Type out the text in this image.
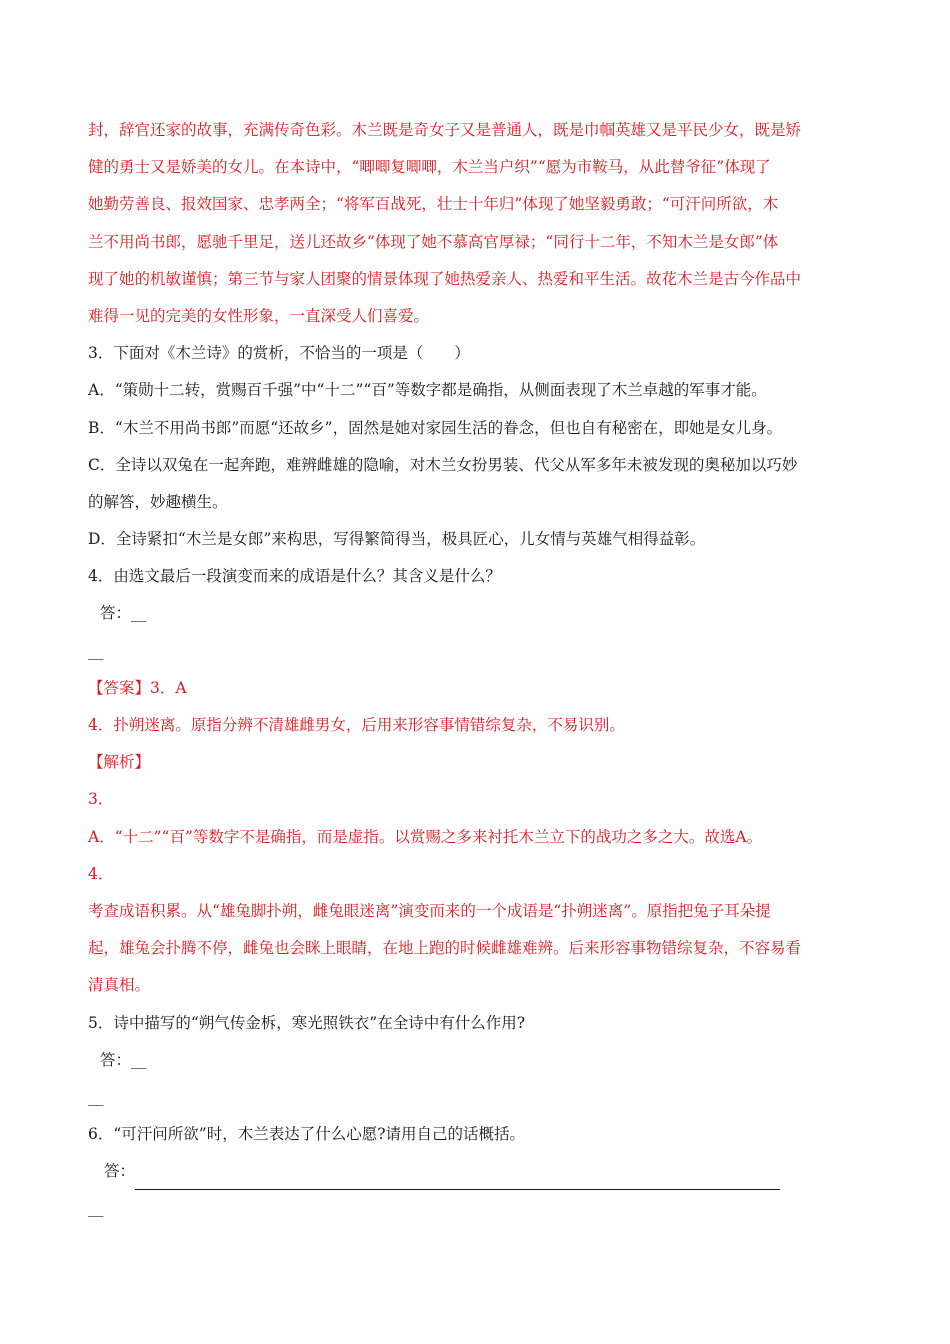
封，辞官还家的故事，充满传奇色彩。木兰既是奇女子又是普通人，既是巾帼英雄又是平民少女，既是矫
健的勇士又是娇美的女儿。在本诗中，“唧唧复唧唧，木兰当户织”“愿为市鞍马，从此替爷征”体现了
她勤劳善良、报效国家、忠孝两全；“将军百战死，壮士十年归”体现了她坚毅勇敢；“可汗问所欲，木
兰不用尚书郎，愿驰千里足，送儿还故乡”体现了她不慕高官厚禄；“同行十二年，不知木兰是女郎”体
现了她的机敏谨慎；第三节与家人团聚的情景体现了她热爱亲人、热爱和平生活。故花木兰是古今作品中
难得一见的完美的女性形象，一直深受人们喜爱。
3．下面对《木兰诗》的赏析，不恰当的一项是（　　）
A．“策勋十二转，赏赐百千强”中“十二”“百”等数字都是确指，从侧面表现了木兰卓越的军事才能。
B．“木兰不用尚书郎”而愿“还故乡”，固然是她对家园生活的眷念，但也自有秘密在，即她是女儿身。
C．全诗以双兔在一起奔跑，难辨雌雄的隐喻，对木兰女扮男装、代父从军多年未被发现的奥秘加以巧妙
的解答，妙趣横生。
D．全诗紧扣“木兰是女郎”来构思，写得繁简得当，极具匠心，儿女情与英雄气相得益彰。
4．由选文最后一段演变而来的成语是什么？其含义是什么？
答：__
__
【答案】3．A
4．扑朔迷离。原指分辨不清雄雌男女，后用来形容事情错综复杂，不易识别。
【解析】
3．
A．“十二”“百”等数字不是确指，而是虚指。以赏赐之多来衬托木兰立下的战功之多之大。故选A。
4．
考查成语积累。从“雄兔脚扑朔，雌兔眼迷离”演变而来的一个成语是“扑朔迷离”。原指把兔子耳朵提
起，雄兔会扑腾不停，雌兔也会眯上眼睛，在地上跑的时候雌雄难辨。后来形容事物错综复杂，不容易看
清真相。
5．诗中描写的“朔气传金柝，寒光照铁衣”在全诗中有什么作用?
答：__
__
6．“可汗问所欲”时，木兰表达了什么心愿?请用自己的话概括。
答：
__
